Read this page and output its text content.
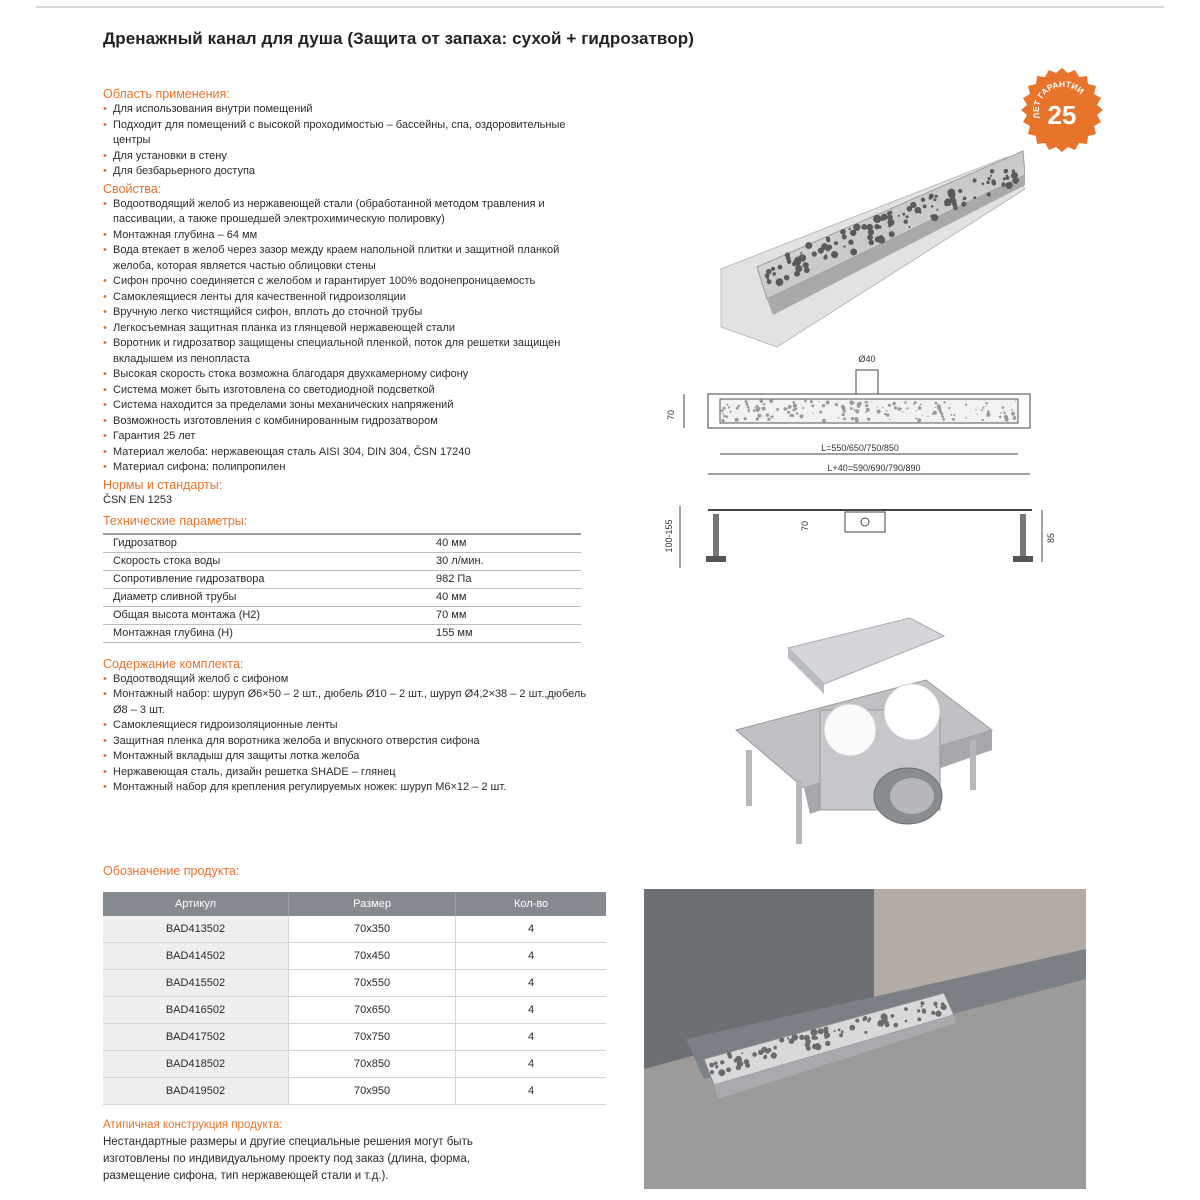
Дренажный канал для душа (Защита от запаха: сухой + гидрозатвор)
ЛЕТ ГАРАНТИИ
25

Область применения:

• Для использования внутри помещений
• Подходит для помещений с высокой проходимостью – бассейны, спа, оздоровительные центры
• Для установки в стену
• Для безбарьерного доступа

Свойства:

• Водоотводящий желоб из нержавеющей стали (обработанной методом травления и пассивации, а также прошедшей электрохимическую полировку)
• Монтажная глубина – 64 мм
• Вода втекает в желоб через зазор между краем напольной плитки и защитной планкой желоба, которая является частью облицовки стены
• Сифон прочно соединяется с желобом и гарантирует 100% водонепроницаемость
• Самоклеящиеся ленты для качественной гидроизоляции
• Вручную легко чистящийся сифон, вплоть до сточной трубы
• Легкосъемная защитная планка из глянцевой нержавеющей стали
• Воротник и гидрозатвор защищены специальной пленкой, поток для решетки защищен вкладышем из пенопласта
• Высокая скорость стока возможна благодаря двухкамерному сифону
• Система может быть изготовлена со светодиодной подсветкой
• Система находится за пределами зоны механических напряжений
• Возможность изготовления с комбинированным гидрозатвором
• Гарантия 25 лет
• Материал желоба: нержавеющая сталь AISI 304, DIN 304, ČSN 17240
• Материал сифона: полипропилен

Нормы и стандарты:

ČSN EN 1253

Технические параметры:

Гидрозатвор	40 мм
Скорость стока воды	30 л/мин.
Сопротивление гидрозатвора	982 Па
Диаметр сливной трубы	40 мм
Общая высота монтажа (H2)	70 мм
Монтажная глубина (H)	155 мм

Содержание комплекта:

• Водоотводящий желоб с сифоном
• Монтажный набор: шуруп Ø6×50 – 2 шт., дюбель Ø10 – 2 шт., шуруп Ø4,2×38 – 2 шт.,дюбель Ø8 – 3 шт.
• Самоклеящиеся гидроизоляционные ленты
• Защитная пленка для воротника желоба и впускного отверстия сифона
• Монтажный вкладыш для защиты лотка желоба
• Нержавеющая сталь, дизайн решетка SHADE – глянец
• Монтажный набор для крепления регулируемых ножек: шуруп М6×12 – 2 шт.

Обозначение продукта:

Артикул	Размер	Кол-во
BAD413502	70x350	4
BAD414502	70x450	4
BAD415502	70x550	4
BAD416502	70x650	4
BAD417502	70x750	4
BAD418502	70x850	4
BAD419502	70x950	4

Атипичная конструкция продукта:

Нестандартные размеры и другие специальные решения могут быть

изготовлены по индивидуальному проекту под заказ (длина, форма,

размещение сифона, тип нержавеющей стали и т.д.).

Ø40
70
L=550/650/750/850
L+40=590/690/790/890
100-155	70
85
